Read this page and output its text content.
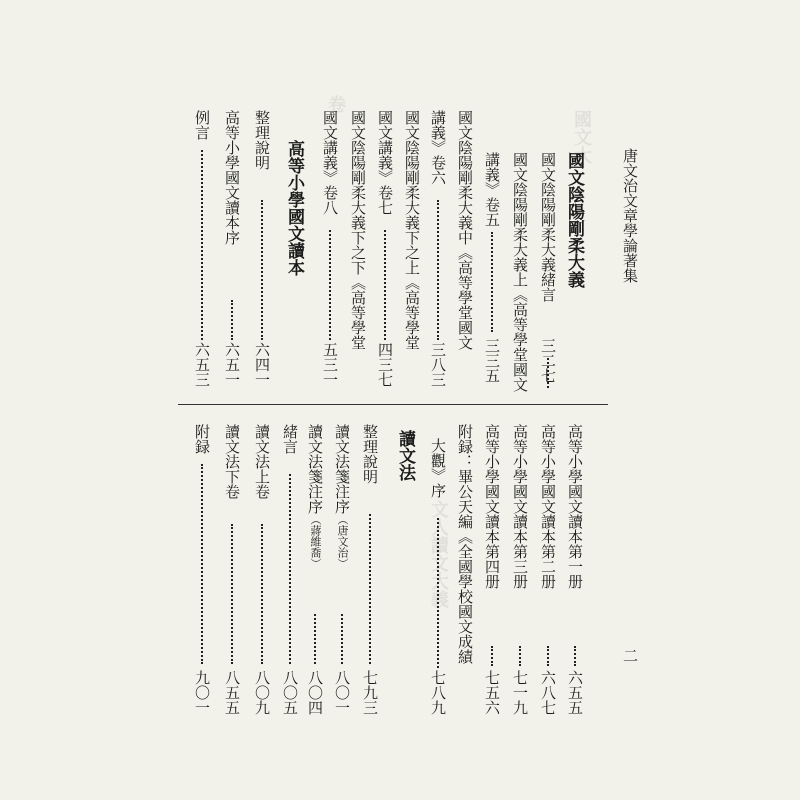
國文大
卷
文人讀文大義
唐文治文章學論著集
二
國文陰陽剛柔大義
國文陰陽剛柔大義緒言
三二七
國文陰陽剛柔大義上《高等學堂國文
講義》卷五
三三五
國文陰陽剛柔大義中《高等學堂國文
講義》卷六
三八三
國文陰陽剛柔大義下之上《高等學堂
國文講義》卷七
四三七
國文陰陽剛柔大義下之下《高等學堂
國文講義》卷八
五三一
高等小學國文讀本
整理說明
六四一
高等小學國文讀本序
六五一
例言
六五三
高等小學國文讀本第一册
六五五
高等小學國文讀本第二册
六八七
高等小學國文讀本第三册
七一九
高等小學國文讀本第四册
七五六
附録：畢公天編《全國學校國文成績
大觀》序
七八九
讀文法
整理說明
七九三
讀文法箋注序（唐文治）
八〇一
讀文法箋注序（蔣維喬）
八〇四
緒言
八〇五
讀文法上卷
八〇九
讀文法下卷
八五五
附録
九〇一
